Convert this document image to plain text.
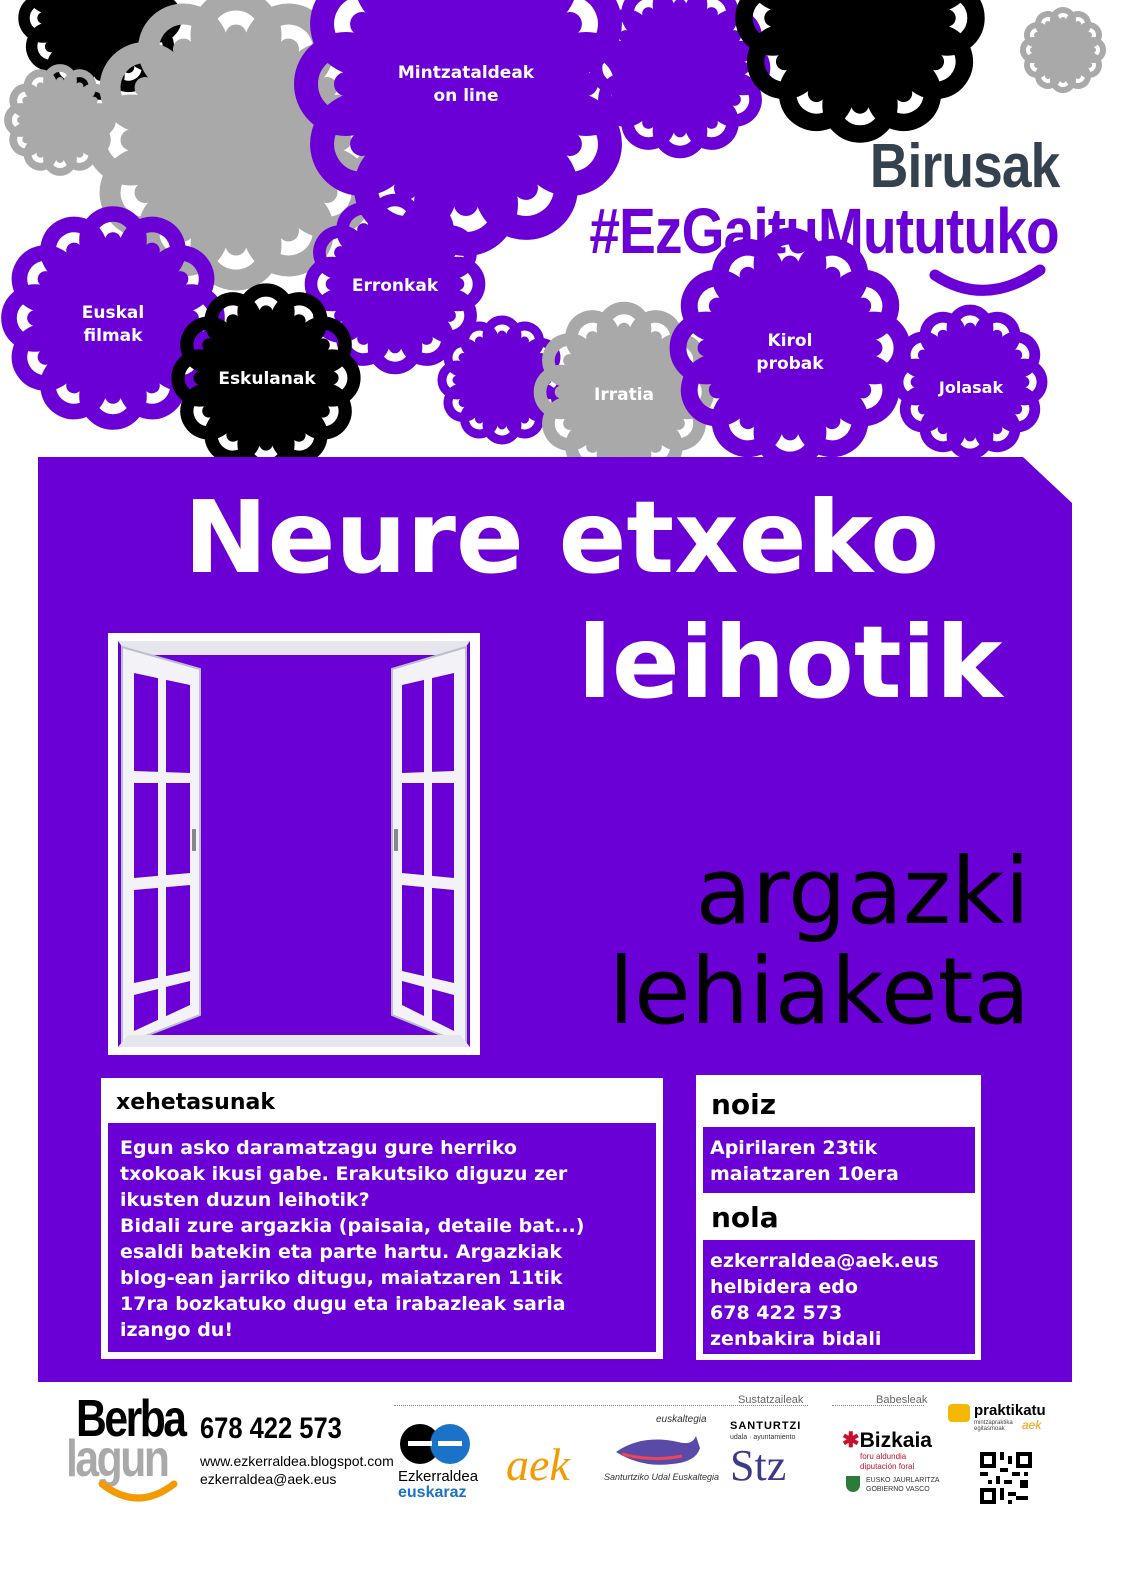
Mintzataldeak
on line
Euskal
filmak
Erronkak
Eskulanak
Irratia
Kirol
probak
Jolasak
Birusak
#EzGaituMututuko
Neure etxeko
leihotik
argazki
lehiaketa
xehetasunak

Egun asko daramatzagu gure herriko

txokoak ikusi gabe. Erakutsiko diguzu zer

ikusten duzun leihotik?

Bidali zure argazkia (paisaia, detaile bat...)

esaldi batekin eta parte hartu. Argazkiak

blog-ean jarriko ditugu, maiatzaren 11tik

17ra bozkatuko dugu eta irabazleak saria

izango du!

noiz
Apirilaren 23tik
maiatzaren 10era
nola
ezkerraldea@aek.eus
helbidera edo
678 422 573
zenbakira bidali
Berba
lagun
678 422 573
www.ezkerraldea.blogspot.com
ezkerraldea@aek.eus
Sustatzaileak	Babesleak
Ezkerraldea
euskaraz
aek
euskaltegia
Santurtziko Udal Euskaltegia
SANTURTZI
udala · ayuntamiento
Stz
✱Bizkaia
foru aldundia
diputación foral
EUSKO JAURLARITZA
GOBIERNO VASCO
praktikatu
mintzapraktika egitasmoak	aek
